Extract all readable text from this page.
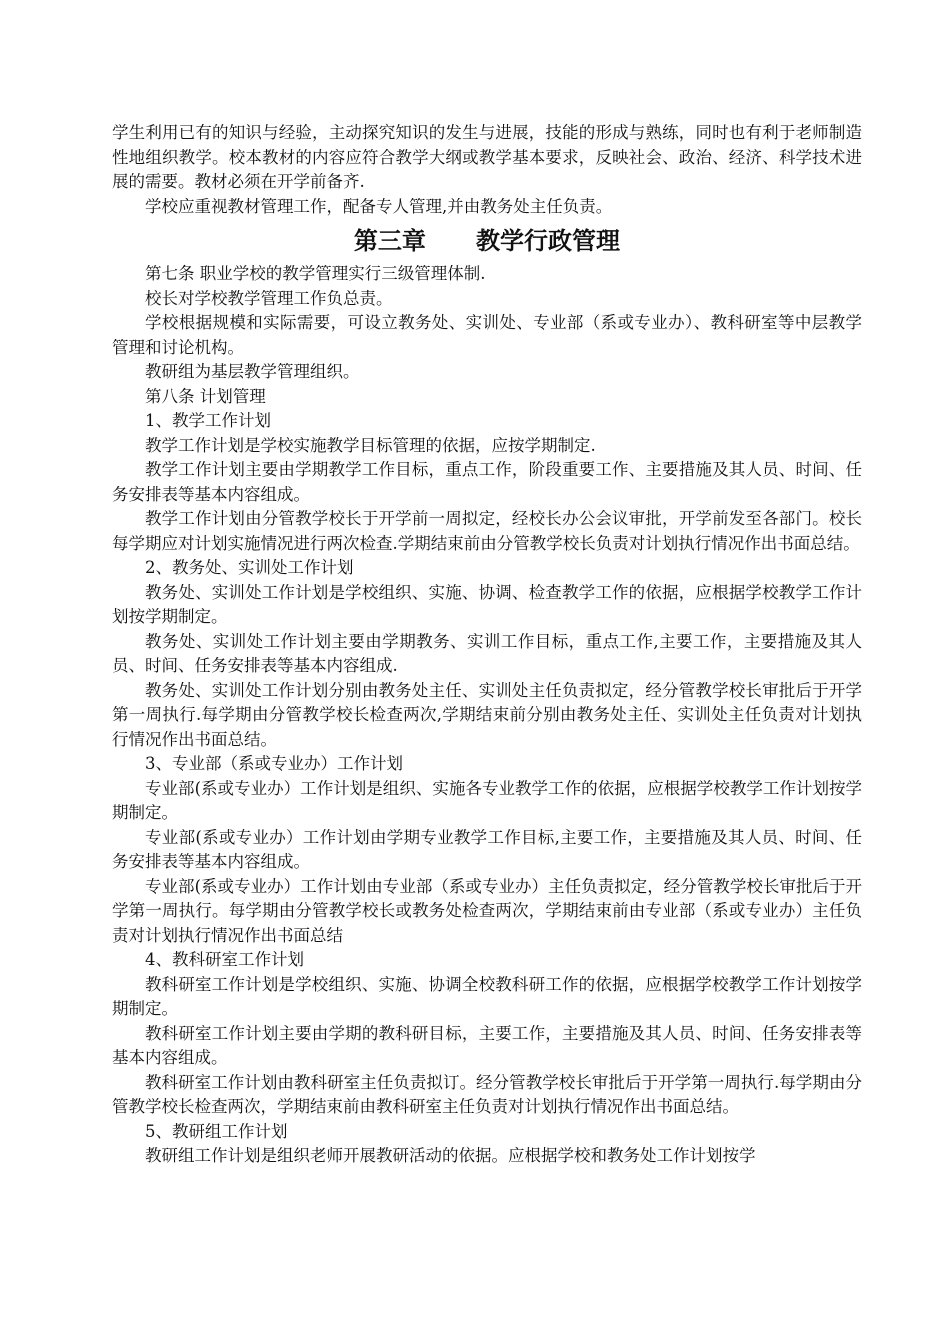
学生利用已有的知识与经验，主动探究知识的发生与进展，技能的形成与熟练，同时也有利于老师制造性地组织教学。校本教材的内容应符合教学大纲或教学基本要求，反映社会、政治、经济、科学技术进展的需要。教材必须在开学前备齐.

学校应重视教材管理工作，配备专人管理,并由教务处主任负责。

第三章      教学行政管理

第七条 职业学校的教学管理实行三级管理体制.

校长对学校教学管理工作负总责。

学校根据规模和实际需要，可设立教务处、实训处、专业部（系或专业办）、教科研室等中层教学管理和讨论机构。

教研组为基层教学管理组织。

第八条 计划管理

1、教学工作计划

教学工作计划是学校实施教学目标管理的依据，应按学期制定.

教学工作计划主要由学期教学工作目标，重点工作，阶段重要工作、主要措施及其人员、时间、任务安排表等基本内容组成。

教学工作计划由分管教学校长于开学前一周拟定，经校长办公会议审批，开学前发至各部门。校长每学期应对计划实施情况进行两次检查.学期结束前由分管教学校长负责对计划执行情况作出书面总结。

2、教务处、实训处工作计划

教务处、实训处工作计划是学校组织、实施、协调、检查教学工作的依据，应根据学校教学工作计划按学期制定。

教务处、实训处工作计划主要由学期教务、实训工作目标，重点工作,主要工作，主要措施及其人员、时间、任务安排表等基本内容组成.

教务处、实训处工作计划分别由教务处主任、实训处主任负责拟定，经分管教学校长审批后于开学第一周执行.每学期由分管教学校长检查两次,学期结束前分别由教务处主任、实训处主任负责对计划执行情况作出书面总结。

3、专业部（系或专业办）工作计划

专业部(系或专业办）工作计划是组织、实施各专业教学工作的依据，应根据学校教学工作计划按学期制定。

专业部(系或专业办）工作计划由学期专业教学工作目标,主要工作，主要措施及其人员、时间、任务安排表等基本内容组成。

专业部(系或专业办）工作计划由专业部（系或专业办）主任负责拟定，经分管教学校长审批后于开学第一周执行。每学期由分管教学校长或教务处检查两次，学期结束前由专业部（系或专业办）主任负责对计划执行情况作出书面总结

4、教科研室工作计划

教科研室工作计划是学校组织、实施、协调全校教科研工作的依据，应根据学校教学工作计划按学期制定。

教科研室工作计划主要由学期的教科研目标，主要工作，主要措施及其人员、时间、任务安排表等基本内容组成。

教科研室工作计划由教科研室主任负责拟订。经分管教学校长审批后于开学第一周执行.每学期由分管教学校长检查两次，学期结束前由教科研室主任负责对计划执行情况作出书面总结。

5、教研组工作计划

教研组工作计划是组织老师开展教研活动的依据。应根据学校和教务处工作计划按学
